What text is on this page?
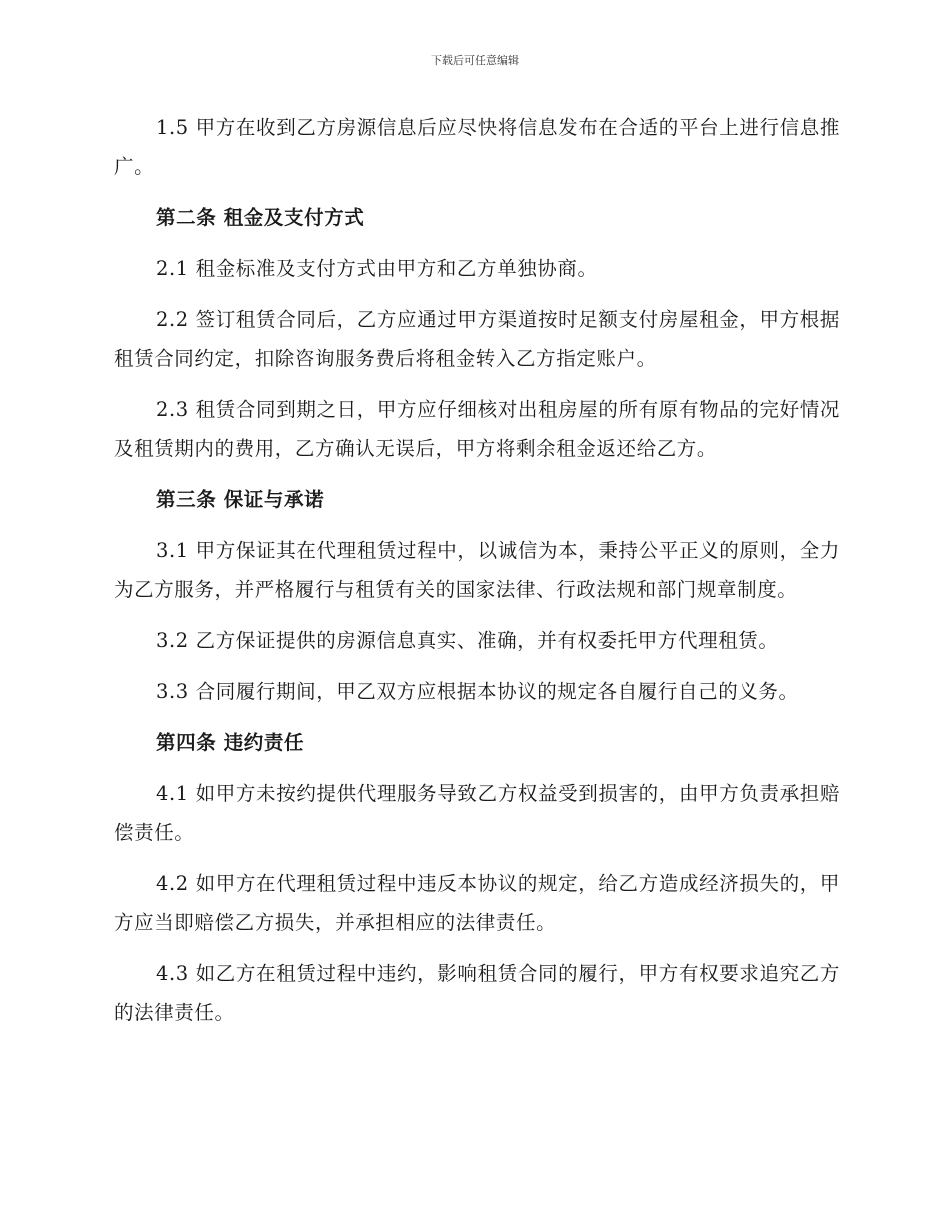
下载后可任意编辑

1.5 甲方在收到乙方房源信息后应尽快将信息发布在合适的平台上进行信息推广。

第二条 租金及支付方式

2.1 租金标准及支付方式由甲方和乙方单独协商。

2.2 签订租赁合同后，乙方应通过甲方渠道按时足额支付房屋租金，甲方根据租赁合同约定，扣除咨询服务费后将租金转入乙方指定账户。

2.3 租赁合同到期之日，甲方应仔细核对出租房屋的所有原有物品的完好情况及租赁期内的费用，乙方确认无误后，甲方将剩余租金返还给乙方。

第三条 保证与承诺

3.1 甲方保证其在代理租赁过程中，以诚信为本，秉持公平正义的原则，全力为乙方服务，并严格履行与租赁有关的国家法律、行政法规和部门规章制度。

3.2 乙方保证提供的房源信息真实、准确，并有权委托甲方代理租赁。

3.3 合同履行期间，甲乙双方应根据本协议的规定各自履行自己的义务。

第四条 违约责任

4.1 如甲方未按约提供代理服务导致乙方权益受到损害的，由甲方负责承担赔偿责任。

4.2 如甲方在代理租赁过程中违反本协议的规定，给乙方造成经济损失的，甲方应当即赔偿乙方损失，并承担相应的法律责任。

4.3 如乙方在租赁过程中违约，影响租赁合同的履行，甲方有权要求追究乙方的法律责任。
